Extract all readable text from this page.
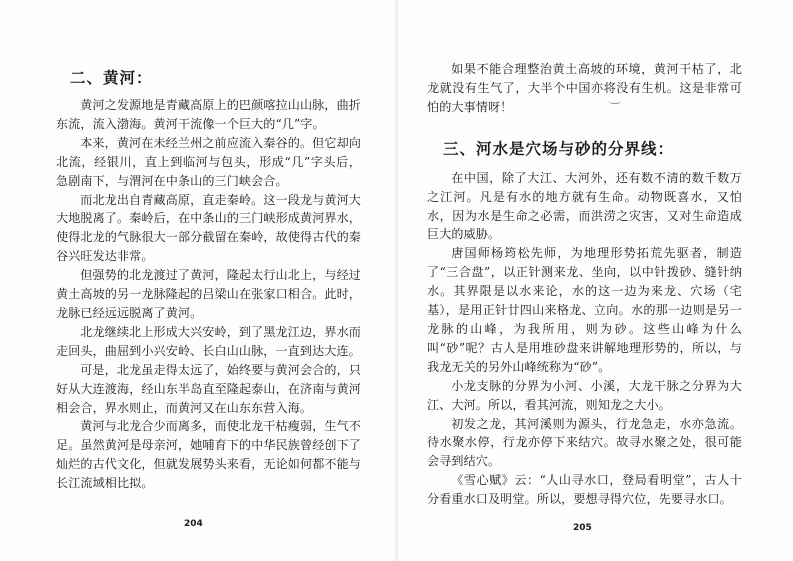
二、黄河：

黄河之发源地是青藏高原上的巴颜喀拉山山脉，曲折东流，流入渤海。黄河干流像一个巨大的“几”字。

本来，黄河在未经兰州之前应流入秦谷的。但它却向北流，经银川，直上到临河与包头，形成“几”字头后，急剧南下，与渭河在中条山的三门峡会合。

而北龙出自青藏高原，直走秦岭。这一段龙与黄河大大地脱离了。秦岭后，在中条山的三门峡形成黄河界水，使得北龙的气脉很大一部分截留在秦岭，故使得古代的秦谷兴旺发达非常。

但强势的北龙渡过了黄河，隆起太行山北上，与经过黄土高坡的另一龙脉隆起的吕梁山在张家口相合。此时，龙脉已经远远脱离了黄河。

北龙继续北上形成大兴安岭，到了黑龙江边，界水而走回头，曲屈到小兴安岭、长白山山脉，一直到达大连。

可是，北龙虽走得太远了，始终要与黄河会合的，只好从大连渡海，经山东半岛直至隆起泰山，在济南与黄河相会合，界水则止，而黄河又在山东东营入海。

黄河与北龙合少而离多，而使北龙干枯瘦弱，生气不足。虽然黄河是母亲河，她哺育下的中华民族曾经创下了灿烂的古代文化，但就发展势头来看，无论如何都不能与长江流域相比拟。

204

如果不能合理整治黄土高坡的环境，黄河干枯了，北龙就没有生气了，大半个中国亦将没有生机。这是非常可怕的大事情呀！

三、河水是穴场与砂的分界线：

在中国，除了大江、大河外，还有数不清的数千数万之江河。凡是有水的地方就有生命。动物既喜水，又怕水，因为水是生命之必需，而洪涝之灾害，又对生命造成巨大的威胁。

唐国师杨筠松先师，为地理形势拓荒先驱者，制造了“三合盘”，以正针测来龙、坐向，以中针拨砂、缝针纳水。其界限是以水来论，水的这一边为来龙、穴场（宅基），是用正针廿四山来格龙、立向。水的那一边则是另一龙脉的山峰，为我所用，则为砂。这些山峰为什么叫“砂”呢？古人是用堆砂盘来讲解地理形势的，所以，与我龙无关的另外山峰统称为“砂”。

小龙支脉的分界为小河、小溪，大龙干脉之分界为大江、大河。所以，看其河流，则知龙之大小。

初发之龙，其河溪则为源头，行龙急走，水亦急流。待水聚水停，行龙亦停下来结穴。故寻水聚之处，很可能会寻到结穴。

《雪心赋》云：“人山寻水口，登局看明堂”，古人十分看重水口及明堂。所以，要想寻得穴位，先要寻水口。

205
